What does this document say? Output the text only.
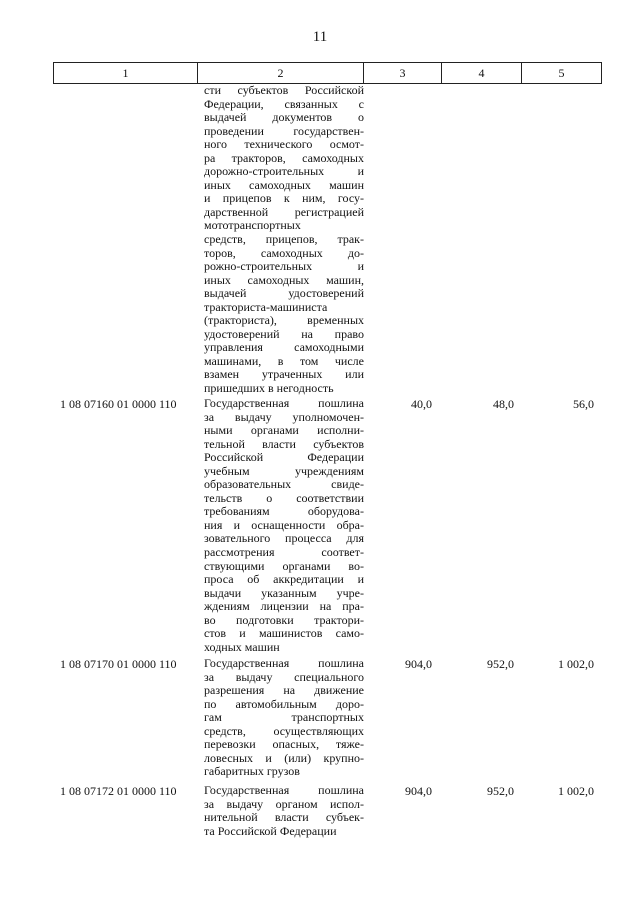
11
1	2	3	4	5
сти субъектов Российской
Федерации, связанных с
выдачей документов о
проведении государствен-
ного технического осмот-
ра тракторов, самоходных
дорожно-строительных и
иных самоходных машин
и прицепов к ним, госу-
дарственной регистрацией
мототранспортных
средств, прицепов, трак-
торов, самоходных до-
рожно-строительных и
иных самоходных машин,
выдачей удостоверений
тракториста-машиниста
(тракториста), временных
удостоверений на право
управления самоходными
машинами, в том числе
взамен утраченных или
пришедших в негодность
1 08 07160 01 0000 110	Государственная пошлина
за выдачу уполномочен-
ными органами исполни-
тельной власти субъектов
Российской Федерации
учебным учреждениям
образовательных свиде-
тельств о соответствии
требованиям оборудова-
ния и оснащенности обра-
зовательного процесса для
рассмотрения соответ-
ствующими органами во-
проса об аккредитации и
выдачи указанным учре-
ждениям лицензии на пра-
во подготовки трактори-
стов и машинистов само-
ходных машин
40,0	48,0	56,0
1 08 07170 01 0000 110	Государственная пошлина
за выдачу специального
разрешения на движение
по автомобильным доро-
гам транспортных
средств, осуществляющих
перевозки опасных, тяже-
ловесных и (или) крупно-
габаритных грузов
904,0	952,0	1 002,0
1 08 07172 01 0000 110	Государственная пошлина
за выдачу органом испол-
нительной власти субъек-
та Российской Федерации
904,0	952,0	1 002,0
